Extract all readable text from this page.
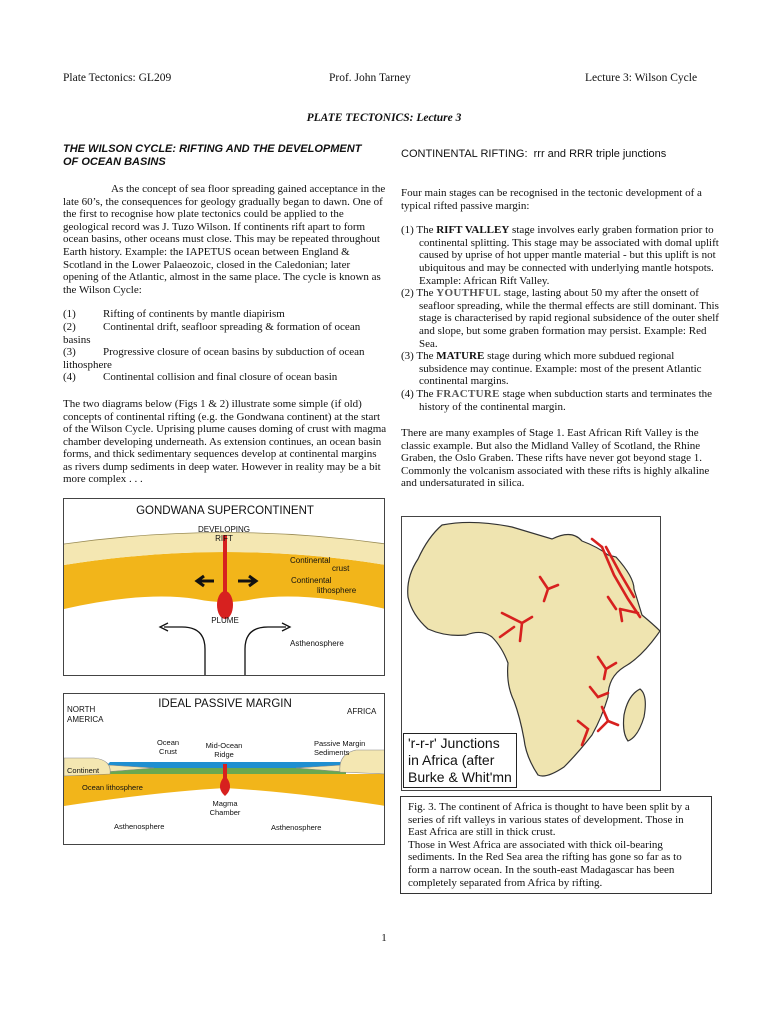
Plate Tectonics: GL209	Prof. John Tarney	Lecture 3: Wilson Cycle
PLATE TECTONICS: Lecture 3
THE WILSON CYCLE: RIFTING AND THE DEVELOPMENT
OF OCEAN BASINS

As the concept of sea floor spreading gained acceptance in the late 60’s, the consequences for geology gradually began to dawn. One of the first to recognise how plate tectonics could be applied to the geological record was J. Tuzo Wilson. If continents rift apart to form ocean basins, other oceans must close. This may be repeated throughout Earth history. Example: the IAPETUS ocean between England & Scotland in the Lower Palaeozoic, closed in the Caledonian; later opening of the Atlantic, almost in the same place. The cycle is known as the Wilson Cycle:

(1) Rifting of continents by mantle diapirism
(2) Continental drift, seafloor spreading & formation of ocean
basins
(3) Progressive closure of ocean basins by subduction of ocean
lithosphere
(4) Continental collision and final closure of ocean basin

The two diagrams below (Figs 1 & 2) illustrate some simple (if old) concepts of continental rifting (e.g. the Gondwana continent) at the start of the Wilson Cycle. Uprising plume causes doming of crust with magma chamber developing underneath. As extension continues, an ocean basin forms, and thick sedimentary sequences develop at continental margins as rivers dump sediments in deep water. However in reality may be a bit more complex . . .

GONDWANA SUPERCONTINENT
DEVELOPING
RIFT
Continental
crust
Continental
lithosphere
PLUME
Asthenosphere
IDEAL PASSIVE MARGIN
NORTH
AMERICA
AFRICA
Ocean
Crust
Mid-Ocean
Ridge
Passive Margin
Sediments
Continent
Ocean lithosphere
Magma
Chamber
Asthenosphere	Asthenosphere
CONTINENTAL RIFTING: rrr and RRR triple junctions

Four main stages can be recognised in the tectonic development of a typical rifted passive margin:

(1) The RIFT VALLEY stage involves early graben formation prior to continental splitting. This stage may be associated with domal uplift caused by uprise of hot upper mantle material - but this uplift is not ubiquitous and may be connected with underlying mantle hotspots. Example: African Rift Valley.
(2) The YOUTHFUL stage, lasting about 50 my after the onsett of seafloor spreading, while the thermal effects are still dominant. This stage is characterised by rapid regional subsidence of the outer shelf and slope, but some graben formation may persist. Example: Red Sea.
(3) The MATURE stage during which more subdued regional subsidence may continue. Example: most of the present Atlantic continental margins.
(4) The FRACTURE stage when subduction starts and terminates the history of the continental margin.

There are many examples of Stage 1. East African Rift Valley is the classic example. But also the Midland Valley of Scotland, the Rhine Graben, the Oslo Graben. These rifts have never got beyond stage 1. Commonly the volcanism associated with these rifts is highly alkaline and undersaturated in silica.

'r-r-r' Junctions
in Africa (after
Burke & Whit'mn
Fig. 3. The continent of Africa is thought to have been split by a series of rift valleys in various states of development. Those in East Africa are still in thick crust.
Those in West Africa are associated with thick oil-bearing sediments. In the Red Sea area the rifting has gone so far as to form a narrow ocean. In the south-east Madagascar has been completely separated from Africa by rifting.
1
